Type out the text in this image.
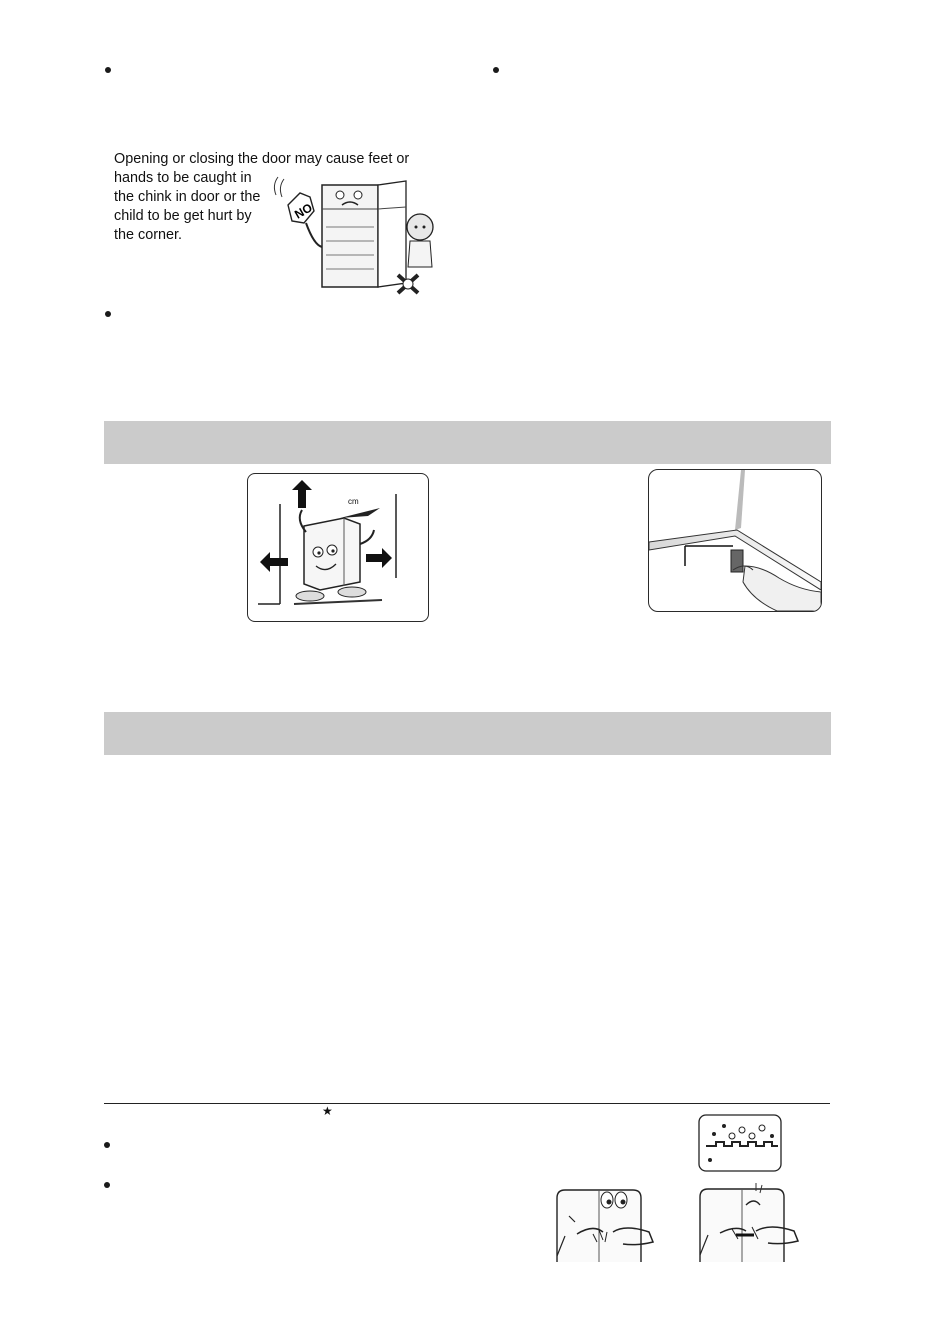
Opening or closing the door may cause feet or
hands to be caught in
the chink in door or the
child to be get hurt by
the corner.
NO
cm
★
